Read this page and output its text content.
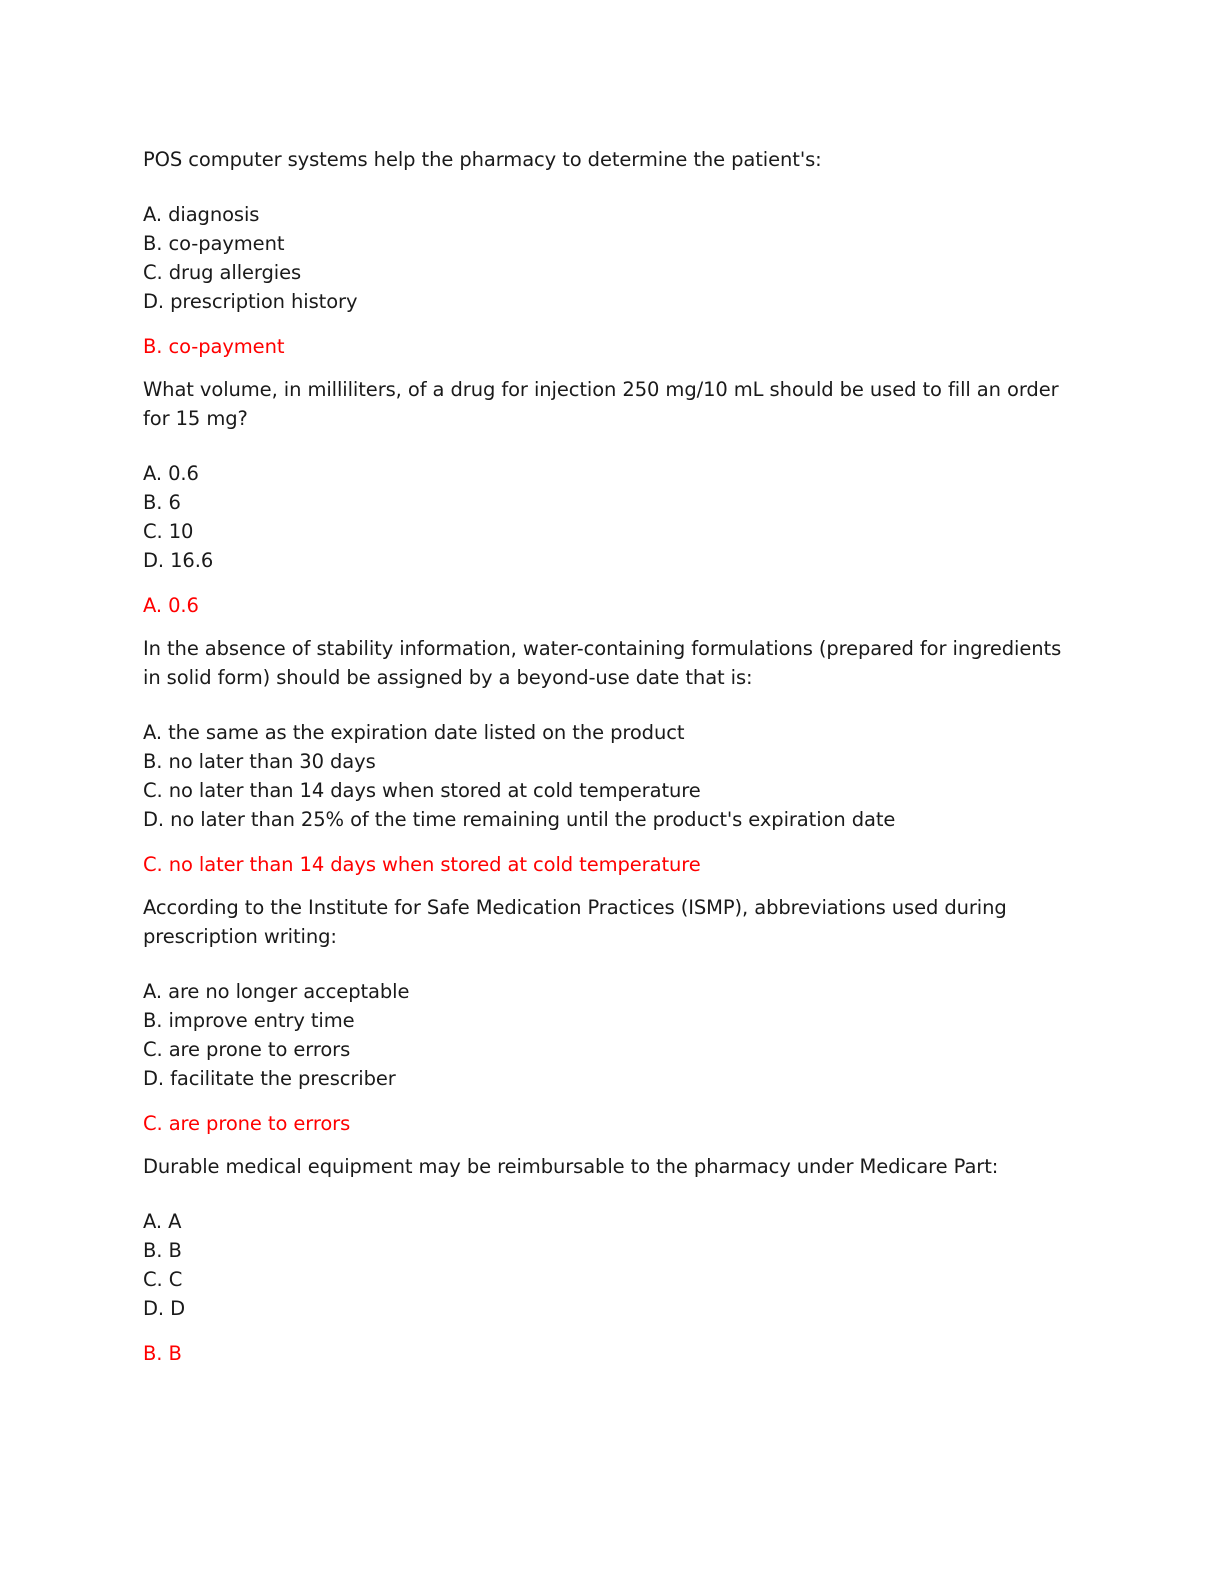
POS computer systems help the pharmacy to determine the patient's:

A. diagnosis
B. co-payment
C. drug allergies
D. prescription history

B. co-payment

What volume, in milliliters, of a drug for injection 250 mg/10 mL should be used to fill an order for 15 mg?

A. 0.6
B. 6
C. 10
D. 16.6

A. 0.6

In the absence of stability information, water-containing formulations (prepared for ingredients in solid form) should be assigned by a beyond-use date that is:

A. the same as the expiration date listed on the product
B. no later than 30 days
C. no later than 14 days when stored at cold temperature
D. no later than 25% of the time remaining until the product's expiration date

C. no later than 14 days when stored at cold temperature

According to the Institute for Safe Medication Practices (ISMP), abbreviations used during prescription writing:

A. are no longer acceptable
B. improve entry time
C. are prone to errors
D. facilitate the prescriber

C. are prone to errors

Durable medical equipment may be reimbursable to the pharmacy under Medicare Part:

A. A
B. B
C. C
D. D

B. B
